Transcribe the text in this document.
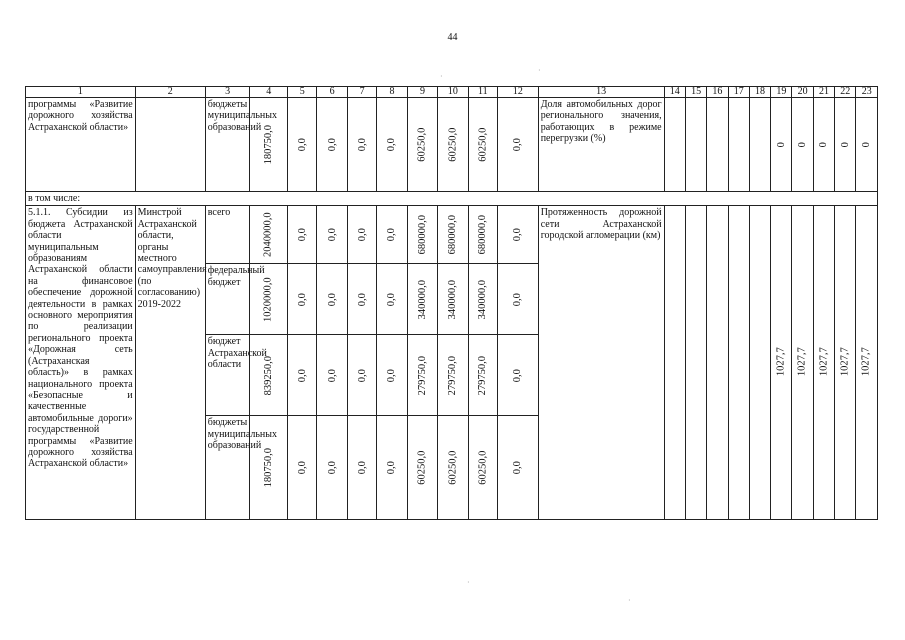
44
1	2	3	4	5	6	7	8	9	10	11	12	13	14	15	16	17	18	19	20	21	22	23

программы «Развитие дорожного хозяйства Астраханской области»		бюджеты муниципальных образований	180750,0	0,0	0,0	0,0	0,0	60250,0	60250,0	60250,0	0,0	Доля автомобильных дорог регионального значения, работающих в режиме перегрузки (%)						0	0	0	0	0

в том числе:																						

5.1.1. Субсидии из бюджета Астраханской области муниципальным образованиям Астраханской области на финансовое обеспечение дорожной деятельности в рамках основного мероприятия по реализации регионального проекта «Дорожная сеть (Астраханская область)» в рамках национального проекта «Безопасные и качественные автомобильные дороги» государственной программы «Развитие дорожного хозяйства Астраханской области»	Минстрой Астраханской области, органы местного самоуправления (по согласованию) 2019-2022	всего	2040000,0	0,0	0,0	0,0	0,0	680000,0	680000,0	680000,0	0,0	Протяженность дорожной сети Астраханской городской агломерации (км)						1027,7	1027,7	1027,7	1027,7	1027,7

		федеральный бюджет	1020000,0	0,0	0,0	0,0	0,0	340000,0	340000,0	340000,0	0,0											

		бюджет Астраханской области	839250,0	0,0	0,0	0,0	0,0	279750,0	279750,0	279750,0	0,0											

		бюджеты муниципальных образований	180750,0	0,0	0,0	0,0	0,0	60250,0	60250,0	60250,0	0,0											
·
·
·
·
